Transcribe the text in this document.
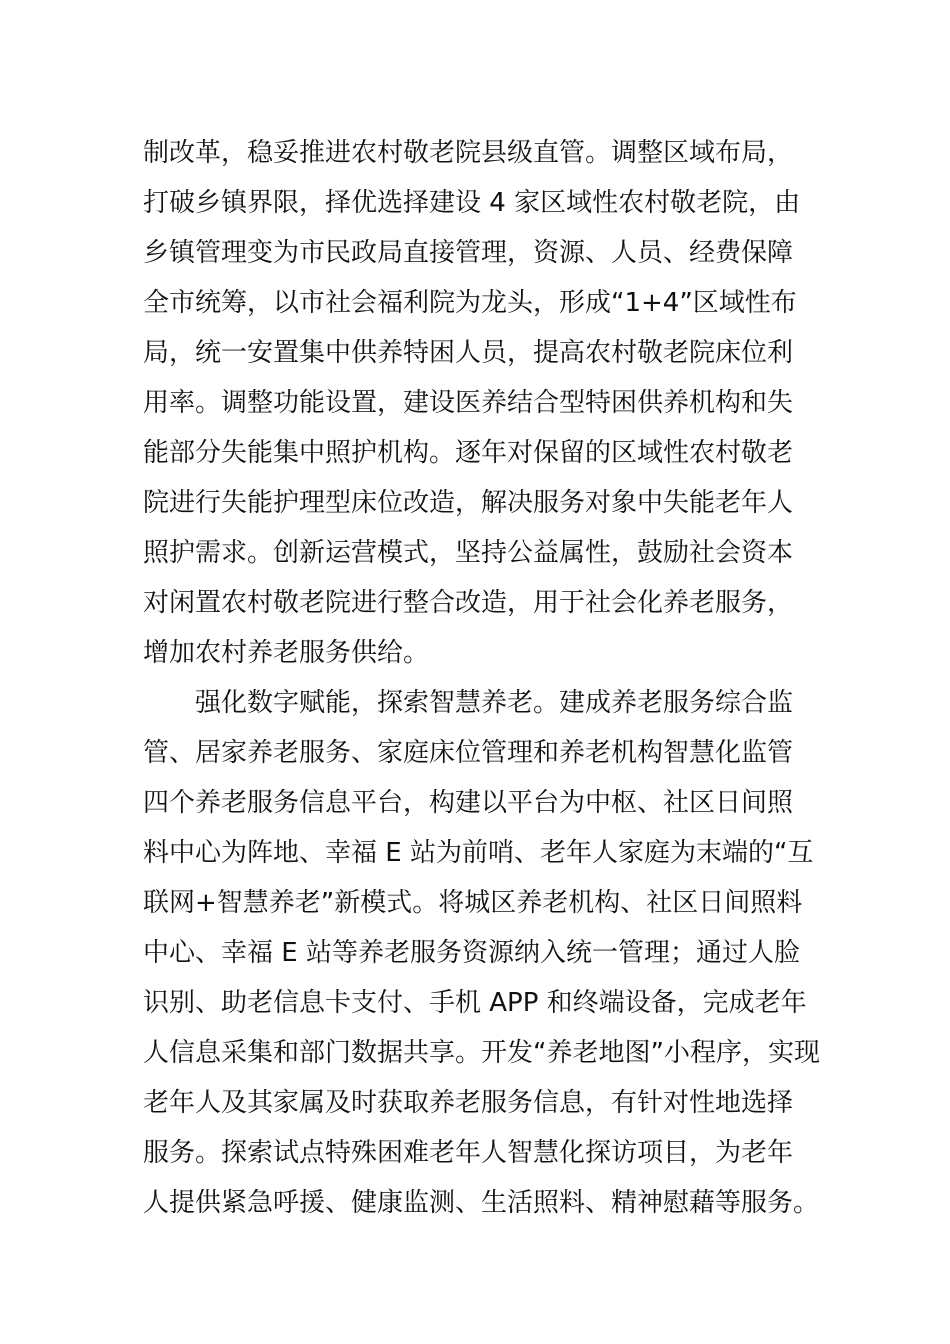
制改革，稳妥推进农村敬老院县级直管。调整区域布局，
打破乡镇界限，择优选择建设 4 家区域性农村敬老院，由
乡镇管理变为市民政局直接管理，资源、人员、经费保障
全市统筹，以市社会福利院为龙头，形成“1+4”区域性布
局，统一安置集中供养特困人员，提高农村敬老院床位利
用率。调整功能设置，建设医养结合型特困供养机构和失
能部分失能集中照护机构。逐年对保留的区域性农村敬老
院进行失能护理型床位改造，解决服务对象中失能老年人
照护需求。创新运营模式，坚持公益属性，鼓励社会资本
对闲置农村敬老院进行整合改造，用于社会化养老服务，
增加农村养老服务供给。
强化数字赋能，探索智慧养老。建成养老服务综合监
管、居家养老服务、家庭床位管理和养老机构智慧化监管
四个养老服务信息平台，构建以平台为中枢、社区日间照
料中心为阵地、幸福 E 站为前哨、老年人家庭为末端的“互
联网+智慧养老”新模式。将城区养老机构、社区日间照料
中心、幸福 E 站等养老服务资源纳入统一管理；通过人脸
识别、助老信息卡支付、手机 APP 和终端设备，完成老年
人信息采集和部门数据共享。开发“养老地图”小程序，实现
老年人及其家属及时获取养老服务信息，有针对性地选择
服务。探索试点特殊困难老年人智慧化探访项目，为老年
人提供紧急呼援、健康监测、生活照料、精神慰藉等服务。
